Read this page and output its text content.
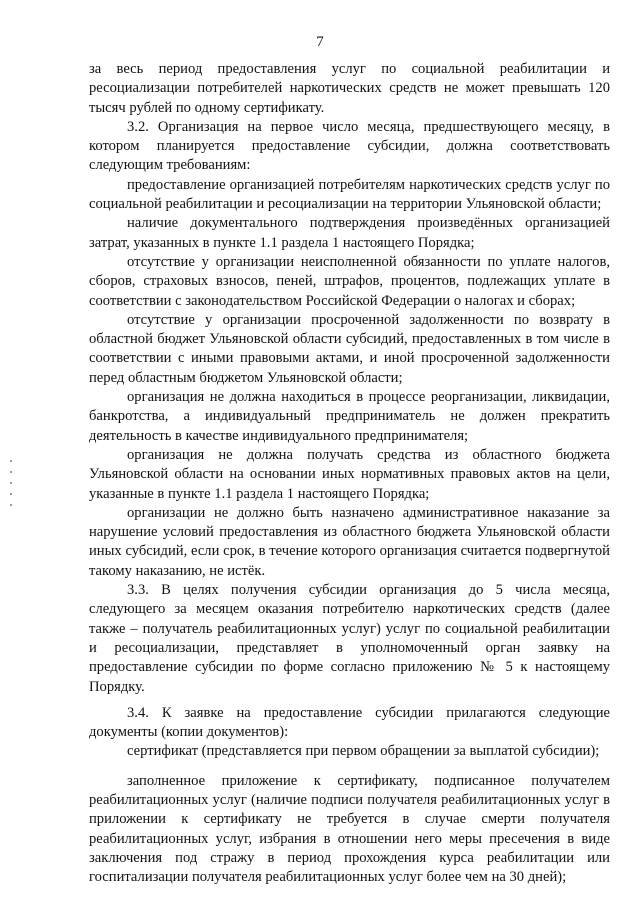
7

за весь период предоставления услуг по социальной реабилитации и ресоциализации потребителей наркотических средств не может превышать 120 тысяч рублей по одному сертификату.

3.2. Организация на первое число месяца, предшествующего месяцу, в котором планируется предоставление субсидии, должна соответствовать следующим требованиям:

предоставление организацией потребителям наркотических средств услуг по социальной реабилитации и ресоциализации на территории Ульяновской области;

наличие документального подтверждения произведённых организацией затрат, указанных в пункте 1.1 раздела 1 настоящего Порядка;

отсутствие у организации неисполненной обязанности по уплате налогов, сборов, страховых взносов, пеней, штрафов, процентов, подлежащих уплате в соответствии с законодательством Российской Федерации о налогах и сборах;

отсутствие у организации просроченной задолженности по возврату в областной бюджет Ульяновской области субсидий, предоставленных в том числе в соответствии с иными правовыми актами, и иной просроченной задолженности перед областным бюджетом Ульяновской области;

организация не должна находиться в процессе реорганизации, ликвидации, банкротства, а индивидуальный предприниматель не должен прекратить деятельность в качестве индивидуального предпринимателя;

организация не должна получать средства из областного бюджета Ульяновской области на основании иных нормативных правовых актов на цели, указанные в пункте 1.1 раздела 1 настоящего Порядка;

организации не должно быть назначено административное наказание за нарушение условий предоставления из областного бюджета Ульяновской области иных субсидий, если срок, в течение которого организация считается подвергнутой такому наказанию, не истёк.

3.3. В целях получения субсидии организация до 5 числа месяца, следующего за месяцем оказания потребителю наркотических средств (далее также – получатель реабилитационных услуг) услуг по социальной реабилитации и ресоциализации, представляет в уполномоченный орган заявку на предоставление субсидии по форме согласно приложению № 5 к настоящему Порядку.

3.4. К заявке на предоставление субсидии прилагаются следующие документы (копии документов):

сертификат (представляется при первом обращении за выплатой субсидии);

заполненное приложение к сертификату, подписанное получателем реабилитационных услуг (наличие подписи получателя реабилитационных услуг в приложении к сертификату не требуется в случае смерти получателя реабилитационных услуг, избрания в отношении него меры пресечения в виде заключения под стражу в период прохождения курса реабилитации или госпитализации получателя реабилитационных услуг более чем на 30 дней);
